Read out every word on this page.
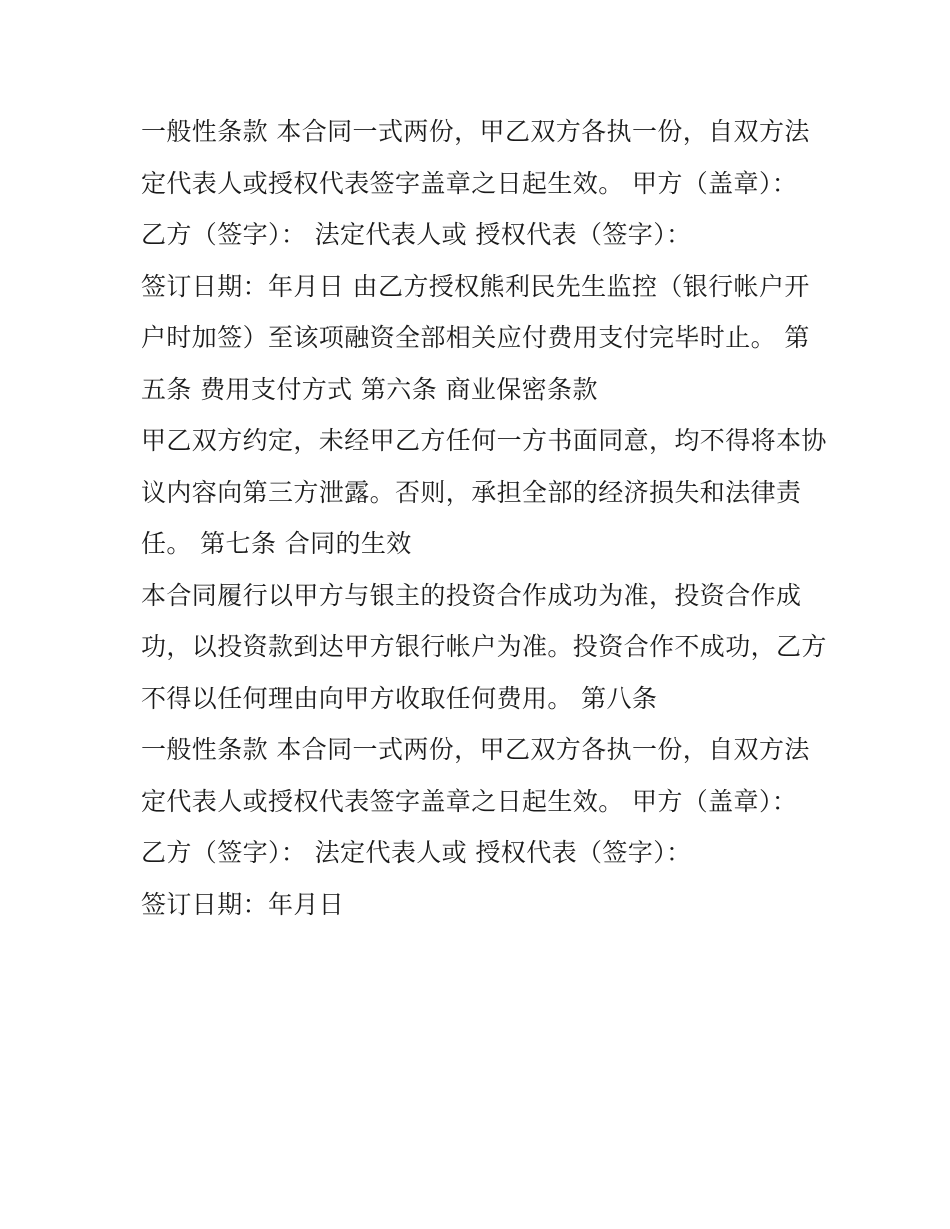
一般性条款 本合同一式两份，甲乙双方各执一份，自双方法
定代表人或授权代表签字盖章之日起生效。 甲方（盖章）：
乙方（签字）： 法定代表人或 授权代表（签字）：
签订日期：年月日 由乙方授权熊利民先生监控（银行帐户开
户时加签）至该项融资全部相关应付费用支付完毕时止。 第
五条 费用支付方式 第六条 商业保密条款
甲乙双方约定，未经甲乙方任何一方书面同意，均不得将本协
议内容向第三方泄露。否则，承担全部的经济损失和法律责
任。 第七条 合同的生效
本合同履行以甲方与银主的投资合作成功为准，投资合作成
功，以投资款到达甲方银行帐户为准。投资合作不成功，乙方
不得以任何理由向甲方收取任何费用。 第八条
一般性条款 本合同一式两份，甲乙双方各执一份，自双方法
定代表人或授权代表签字盖章之日起生效。 甲方（盖章）：
乙方（签字）： 法定代表人或 授权代表（签字）：
签订日期：年月日
